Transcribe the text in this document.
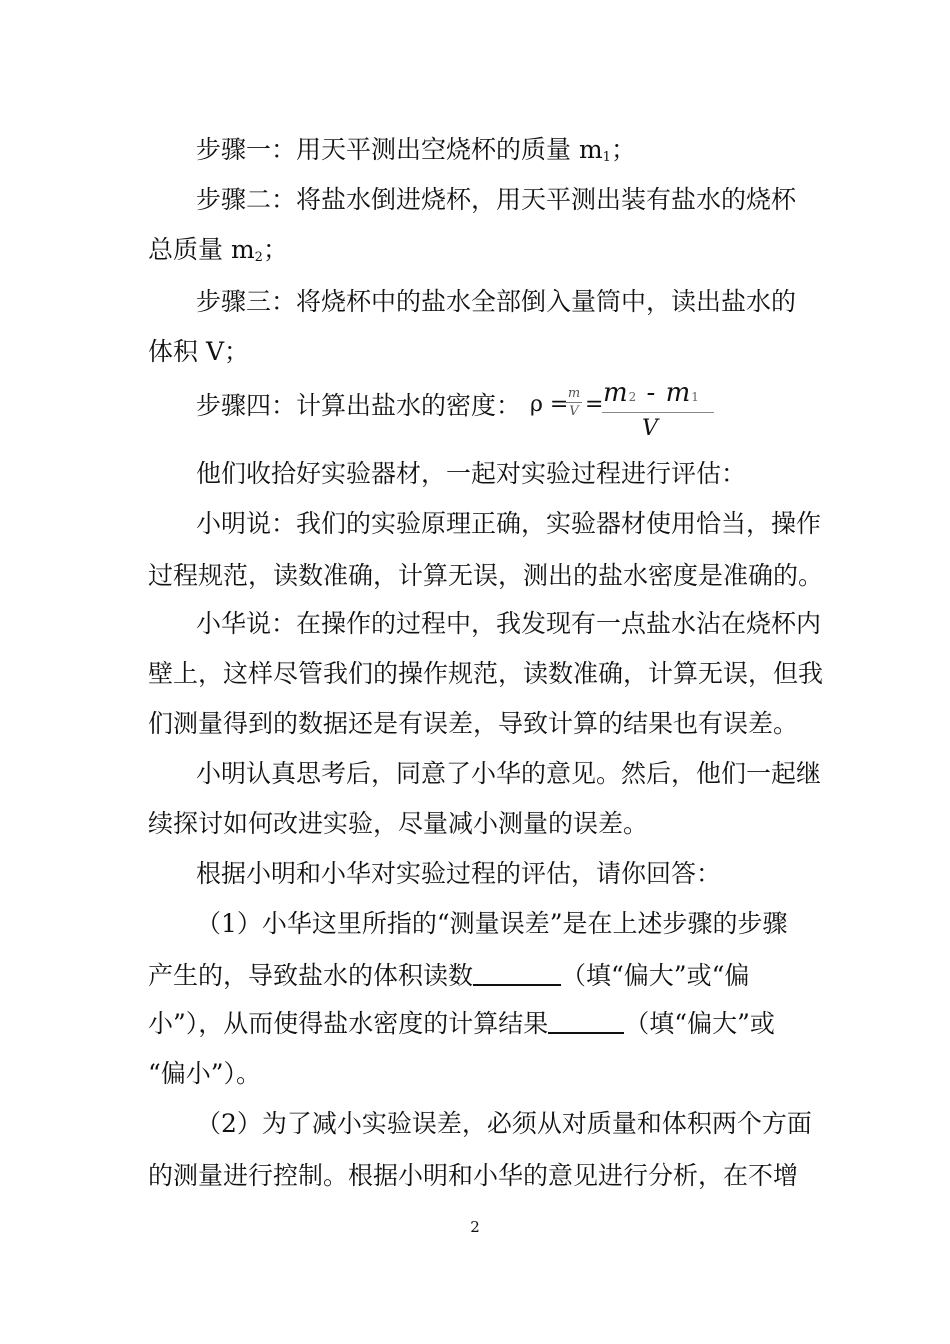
步骤一：用天平测出空烧杯的质量 $m_1$；
步骤二：将盐水倒进烧杯，用天平测出装有盐水的烧杯
总质量 $m_2$；
步骤三：将烧杯中的盐水全部倒入量筒中，读出盐水的
体积 V；
步骤四：计算出盐水的密度： ρ = m
V = m2 - m1
V
他们收拾好实验器材，一起对实验过程进行评估：
小明说：我们的实验原理正确，实验器材使用恰当，操作
过程规范，读数准确，计算无误，测出的盐水密度是准确的。
小华说：在操作的过程中，我发现有一点盐水沾在烧杯内
壁上，这样尽管我们的操作规范，读数准确，计算无误，但我
们测量得到的数据还是有误差，导致计算的结果也有误差。
小明认真思考后，同意了小华的意见。然后，他们一起继
续探讨如何改进实验，尽量减小测量的误差。
根据小明和小华对实验过程的评估，请你回答：
（1）小华这里所指的“测量误差”是在上述步骤的步骤
产生的，导致盐水的体积读数	（填“偏大”或“偏
小”），从而使得盐水密度的计算结果	（填“偏大”或
“偏小”）。
（2）为了减小实验误差，必须从对质量和体积两个方面
的测量进行控制。根据小明和小华的意见进行分析，在不增
2
